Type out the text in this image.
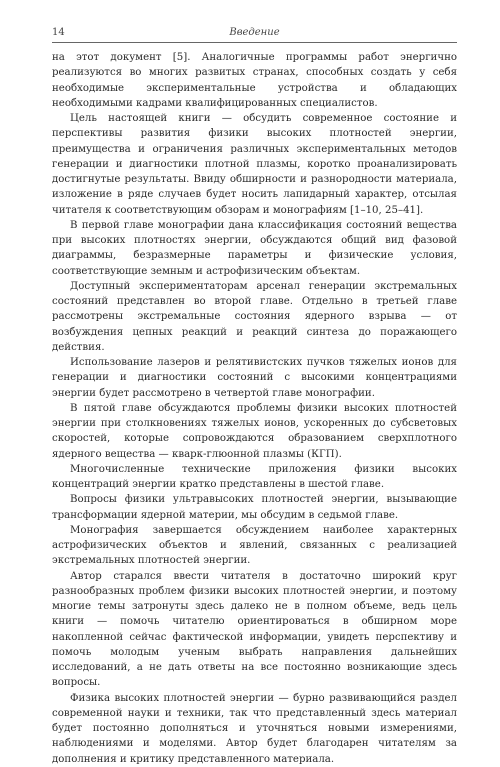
14	Введение

на этот документ [5]. Аналогичные программы работ энергично реализуются во многих развитых странах, способных создать у себя необходимые экспериментальные устройства и обладающих необходимыми кадрами квалифицированных специалистов.

Цель настоящей книги — обсудить современное состояние и перспективы развития физики высоких плотностей энергии, преимущества и ограничения различных экспериментальных методов генерации и диагностики плотной плазмы, коротко проанализировать достигнутые результаты. Ввиду обширности и разнородности материала, изложение в ряде случаев будет носить лапидарный характер, отсылая читателя к соответствующим обзорам и монографиям [1–10, 25–41].

В первой главе монографии дана классификация состояний вещества при высоких плотностях энергии, обсуждаются общий вид фазовой диаграммы, безразмерные параметры и физические условия, соответствующие земным и астрофизическим объектам.

Доступный экспериментаторам арсенал генерации экстремальных состояний представлен во второй главе. Отдельно в третьей главе рассмотрены экстремальные состояния ядерного взрыва — от возбуждения цепных реакций и реакций синтеза до поражающего действия.

Использование лазеров и релятивистских пучков тяжелых ионов для генерации и диагностики состояний с высокими концентрациями энергии будет рассмотрено в четвертой главе монографии.

В пятой главе обсуждаются проблемы физики высоких плотностей энергии при столкновениях тяжелых ионов, ускоренных до субсветовых скоростей, которые сопровождаются образованием сверхплотного ядерного вещества — кварк-глюонной плазмы (КГП).

Многочисленные технические приложения физики высоких концентраций энергии кратко представлены в шестой главе.

Вопросы физики ультравысоких плотностей энергии, вызывающие трансформации ядерной материи, мы обсудим в седьмой главе.

Монография завершается обсуждением наиболее характерных астрофизических объектов и явлений, связанных с реализацией экстремальных плотностей энергии.

Автор старался ввести читателя в достаточно широкий круг разнообразных проблем физики высоких плотностей энергии, и поэтому многие темы затронуты здесь далеко не в полном объеме, ведь цель книги — помочь читателю ориентироваться в обширном море накопленной сейчас фактической информации, увидеть перспективу и помочь молодым ученым выбрать направления дальнейших исследований, а не дать ответы на все постоянно возникающие здесь вопросы.

Физика высоких плотностей энергии — бурно развивающийся раздел современной науки и техники, так что представленный здесь материал будет постоянно дополняться и уточняться новыми измерениями, наблюдениями и моделями. Автор будет благодарен читателям за дополнения и критику представленного материала.
